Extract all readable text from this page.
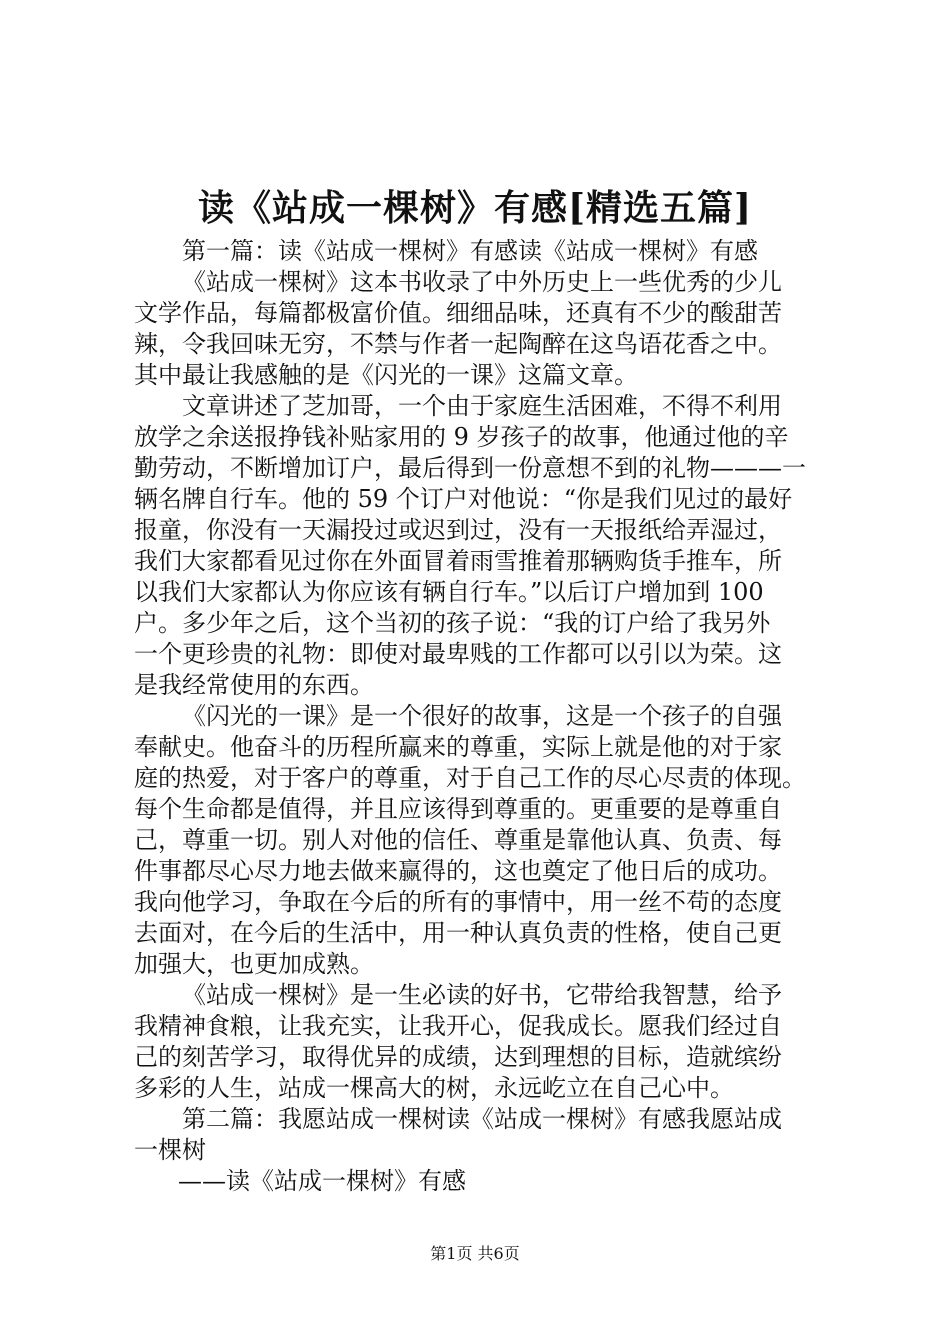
读《站成一棵树》有感[精选五篇]
第一篇：读《站成一棵树》有感读《站成一棵树》有感
《站成一棵树》这本书收录了中外历史上一些优秀的少儿
文学作品，每篇都极富价值。细细品味，还真有不少的酸甜苦
辣，令我回味无穷，不禁与作者一起陶醉在这鸟语花香之中。
其中最让我感触的是《闪光的一课》这篇文章。
文章讲述了芝加哥，一个由于家庭生活困难，不得不利用
放学之余送报挣钱补贴家用的 9 岁孩子的故事，他通过他的辛
勤劳动，不断增加订户，最后得到一份意想不到的礼物———一
辆名牌自行车。他的 59 个订户对他说：“你是我们见过的最好
报童，你没有一天漏投过或迟到过，没有一天报纸给弄湿过，
我们大家都看见过你在外面冒着雨雪推着那辆购货手推车，所
以我们大家都认为你应该有辆自行车。”以后订户增加到 100
户。多少年之后，这个当初的孩子说：“我的订户给了我另外
一个更珍贵的礼物：即使对最卑贱的工作都可以引以为荣。这
是我经常使用的东西。
《闪光的一课》是一个很好的故事，这是一个孩子的自强
奉献史。他奋斗的历程所赢来的尊重，实际上就是他的对于家
庭的热爱，对于客户的尊重，对于自己工作的尽心尽责的体现。
每个生命都是值得，并且应该得到尊重的。更重要的是尊重自
己，尊重一切。别人对他的信任、尊重是靠他认真、负责、每
件事都尽心尽力地去做来赢得的，这也奠定了他日后的成功。
我向他学习，争取在今后的所有的事情中，用一丝不苟的态度
去面对，在今后的生活中，用一种认真负责的性格，使自己更
加强大，也更加成熟。
《站成一棵树》是一生必读的好书，它带给我智慧，给予
我精神食粮，让我充实，让我开心，促我成长。愿我们经过自
己的刻苦学习，取得优异的成绩，达到理想的目标，造就缤纷
多彩的人生，站成一棵高大的树，永远屹立在自己心中。
第二篇：我愿站成一棵树读《站成一棵树》有感我愿站成
一棵树
——读《站成一棵树》有感
第1页 共6页
